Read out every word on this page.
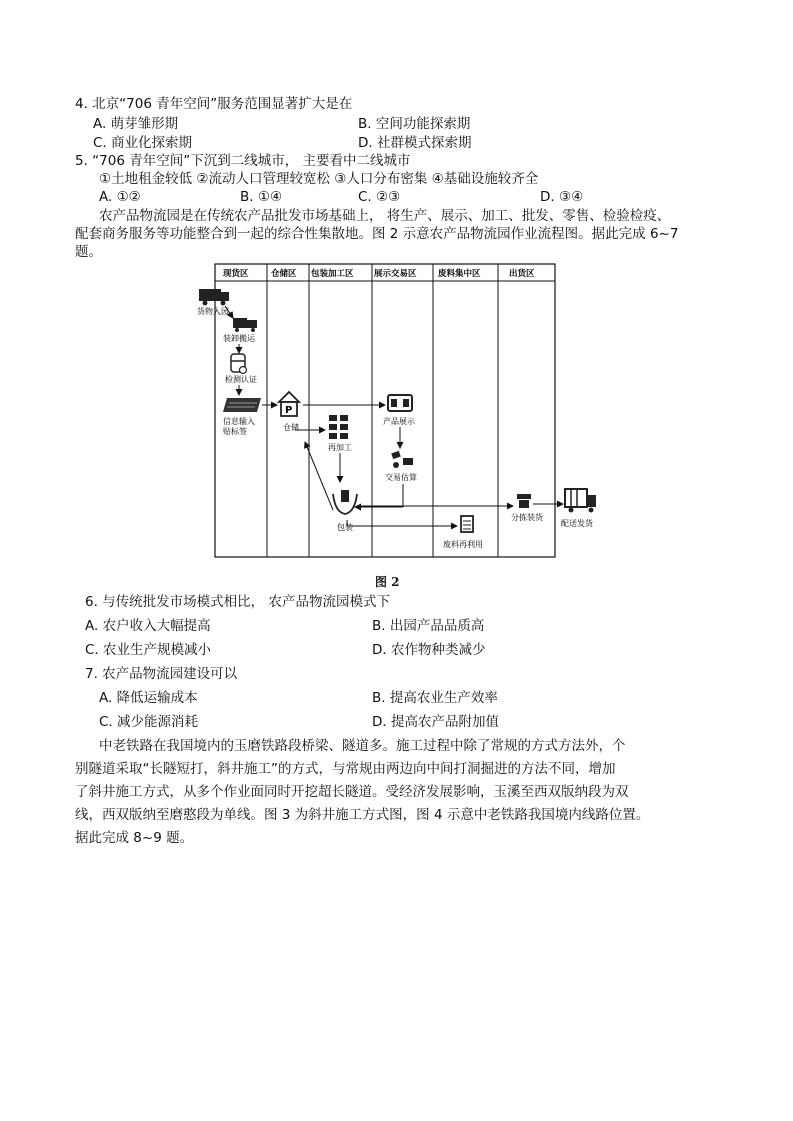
4. 北京“706 青年空间”服务范围显著扩大是在
A. 萌芽雏形期	B. 空间功能探索期
C. 商业化探索期	D. 社群模式探索期
5. “706 青年空间”下沉到二线城市， 主要看中二线城市
①土地租金较低 ②流动人口管理较宽松 ③人口分布密集 ④基础设施较齐全
A. ①②	B. ①④	C. ②③	D. ③④
农产品物流园是在传统农产品批发市场基础上， 将生产、展示、加工、批发、零售、检验检疫、
配套商务服务等功能整合到一起的综合性集散地。图 2 示意农产品物流园作业流程图。据此完成 6~7
题。
现货区	仓储区 包装加工区 展示交易区	废料集中区	出货区
货物入园
装卸搬运
检测认证
信息输入
贴标签
P
仓储
再加工
产品展示
交易估算
包装
废料再利用
分拣装货
配送发货
图 2
6. 与传统批发市场模式相比， 农产品物流园模式下
A. 农户收入大幅提高	B. 出园产品品质高
C. 农业生产规模减小	D. 农作物种类减少
7. 农产品物流园建设可以
A. 降低运输成本	B. 提高农业生产效率
C. 减少能源消耗	D. 提高农产品附加值
中老铁路在我国境内的玉磨铁路段桥梁、隧道多。施工过程中除了常规的方式方法外，个
别隧道采取“长隧短打，斜井施工”的方式，与常规由两边向中间打洞掘进的方法不同，增加
了斜井施工方式，从多个作业面同时开挖超长隧道。受经济发展影响，玉溪至西双版纳段为双
线，西双版纳至磨憨段为单线。图 3 为斜井施工方式图，图 4 示意中老铁路我国境内线路位置。
据此完成 8~9 题。
